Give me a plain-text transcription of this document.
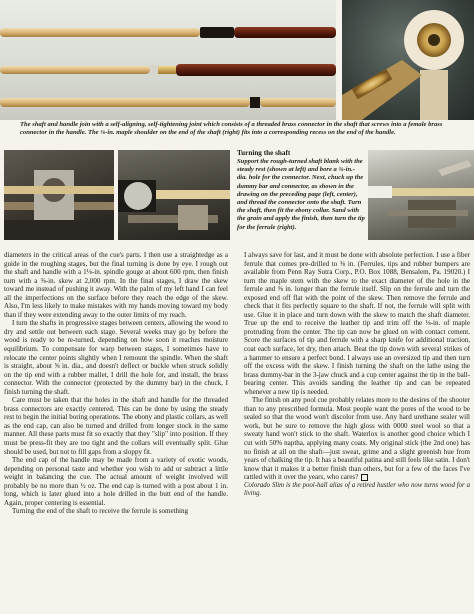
The shaft and handle join with a self-aligning, self-tightening joint which consists of a threaded brass connector in the shaft that screws into a female brass connector in the handle. The ⅜-in. maple shoulder on the end of the shaft (right) fits into a corresponding recess on the end of the handle.
Turning the shaft
Support the rough-turned shaft blank with the steady rest (shown at left) and bore a ⅜-in.-dia. hole for the connector. Next, chuck up the dummy bar and connector, as shown in the drawing on the preceding page (left, center), and thread the connector onto the shaft. Turn the shaft, then fit the ebony collar. Sand with the grain and apply the finish, then turn the tip for the ferrule (right).

diameters in the critical areas of the cue's parts. I then use a straightedge as a guide in the roughing stages, but the final turning is done by eye. I rough out the shaft and handle with a 1⅛-in. spindle gouge at about 600 rpm, then finish turn with a ⅜-in. skew at 2,000 rpm. In the final stages, I draw the skew toward me instead of pushing it away. With the palm of my left hand I can feel all the imperfections on the surface before they reach the edge of the skew. Also, I'm less likely to make mistakes with my hands moving toward my body than if they were extending away to the outer limits of my reach.

I turn the shafts in progressive stages between centers, allowing the wood to dry and settle out between each stage. Several weeks may go by before the wood is ready to be re-turned, depending on how soon it reaches moisture equilibrium. To compensate for warp between stages, I sometimes have to relocate the center points slightly when I remount the spindle. When the shaft is straight, about ⅝ in. dia., and doesn't deflect or buckle when struck solidly on the tip end with a rubber mallet, I drill the hole for, and install, the brass connector. With the connector (protected by the dummy bar) in the chuck, I finish turning the shaft.

Care must be taken that the holes in the shaft and handle for the threaded brass connectors are exactly centered. This can be done by using the steady rest to begin the initial boring operations. The ebony and plastic collars, as well as the end cap, can also be turned and drilled from longer stock in the same manner. All these parts must fit so exactly that they "slip" into position. If they must be press-fit they are too tight and the collars will eventually split. Glue should be used, but not to fill gaps from a sloppy fit.

The end cap of the handle may be made from a variety of exotic woods, depending on personal taste and whether you wish to add or subtract a little weight in balancing the cue. The actual amount of weight involved will probably be no more than ½ oz. The end cap is turned with a post about 1 in. long, which is later glued into a hole drilled in the butt end of the handle. Again, proper centering is essential.

Turning the end of the shaft to receive the ferrule is something

I always save for last, and it must be done with absolute perfection. I use a fiber ferrule that comes pre-drilled to ⅜ in. (Ferrules, tips and rubber bumpers are available from Penn Ray Sutra Corp., P.O. Box 1088, Bensalem, Pa. 19020.) I turn the maple stem with the skew to the exact diameter of the hole in the ferrule and ⅝ in. longer than the ferrule itself. Slip on the ferrule and turn the exposed end off flat with the point of the skew. Then remove the ferrule and check that it fits perfectly square to the shaft. If not, the ferrule will split with use. Glue it in place and turn down with the skew to match the shaft diameter. True up the end to receive the leather tip and trim off the ⅛-in. of maple protruding from the center. The tip can now be glued on with contact cement. Score the surfaces of tip and ferrule with a sharp knife for additional traction, coat each surface, let dry, then attach. Beat the tip down with several strikes of a hammer to ensure a perfect bond. I always use an oversized tip and then turn off the excess with the skew. I finish turning the shaft on the lathe using the brass dummy-bar in the 3-jaw chuck and a cup center against the tip in the ball-bearing center. This avoids sanding the leather tip and can be repeated whenever a new tip is needed.

The finish on any pool cue probably relates more to the desires of the shooter than to any prescribed formula. Most people want the pores of the wood to be sealed so that the wood won't discolor from use. Any hard urethane sealer will work, but be sure to remove the high gloss with 0000 steel wool so that a sweaty hand won't stick to the shaft. Waterlox is another good choice which I cut with 50% naptha, applying many coats. My original stick (the 2nd one) has no finish at all on the shaft—just sweat, grime and a slight greenish hue from years of chalking the tip. It has a beautiful patina and still feels like satin. I don't know that it makes it a better finish than others, but for a few of the faces I've rattled with it over the years, who cares?

Colorado Slim is the pool-hall alias of a retired hustler who now turns wood for a living.
